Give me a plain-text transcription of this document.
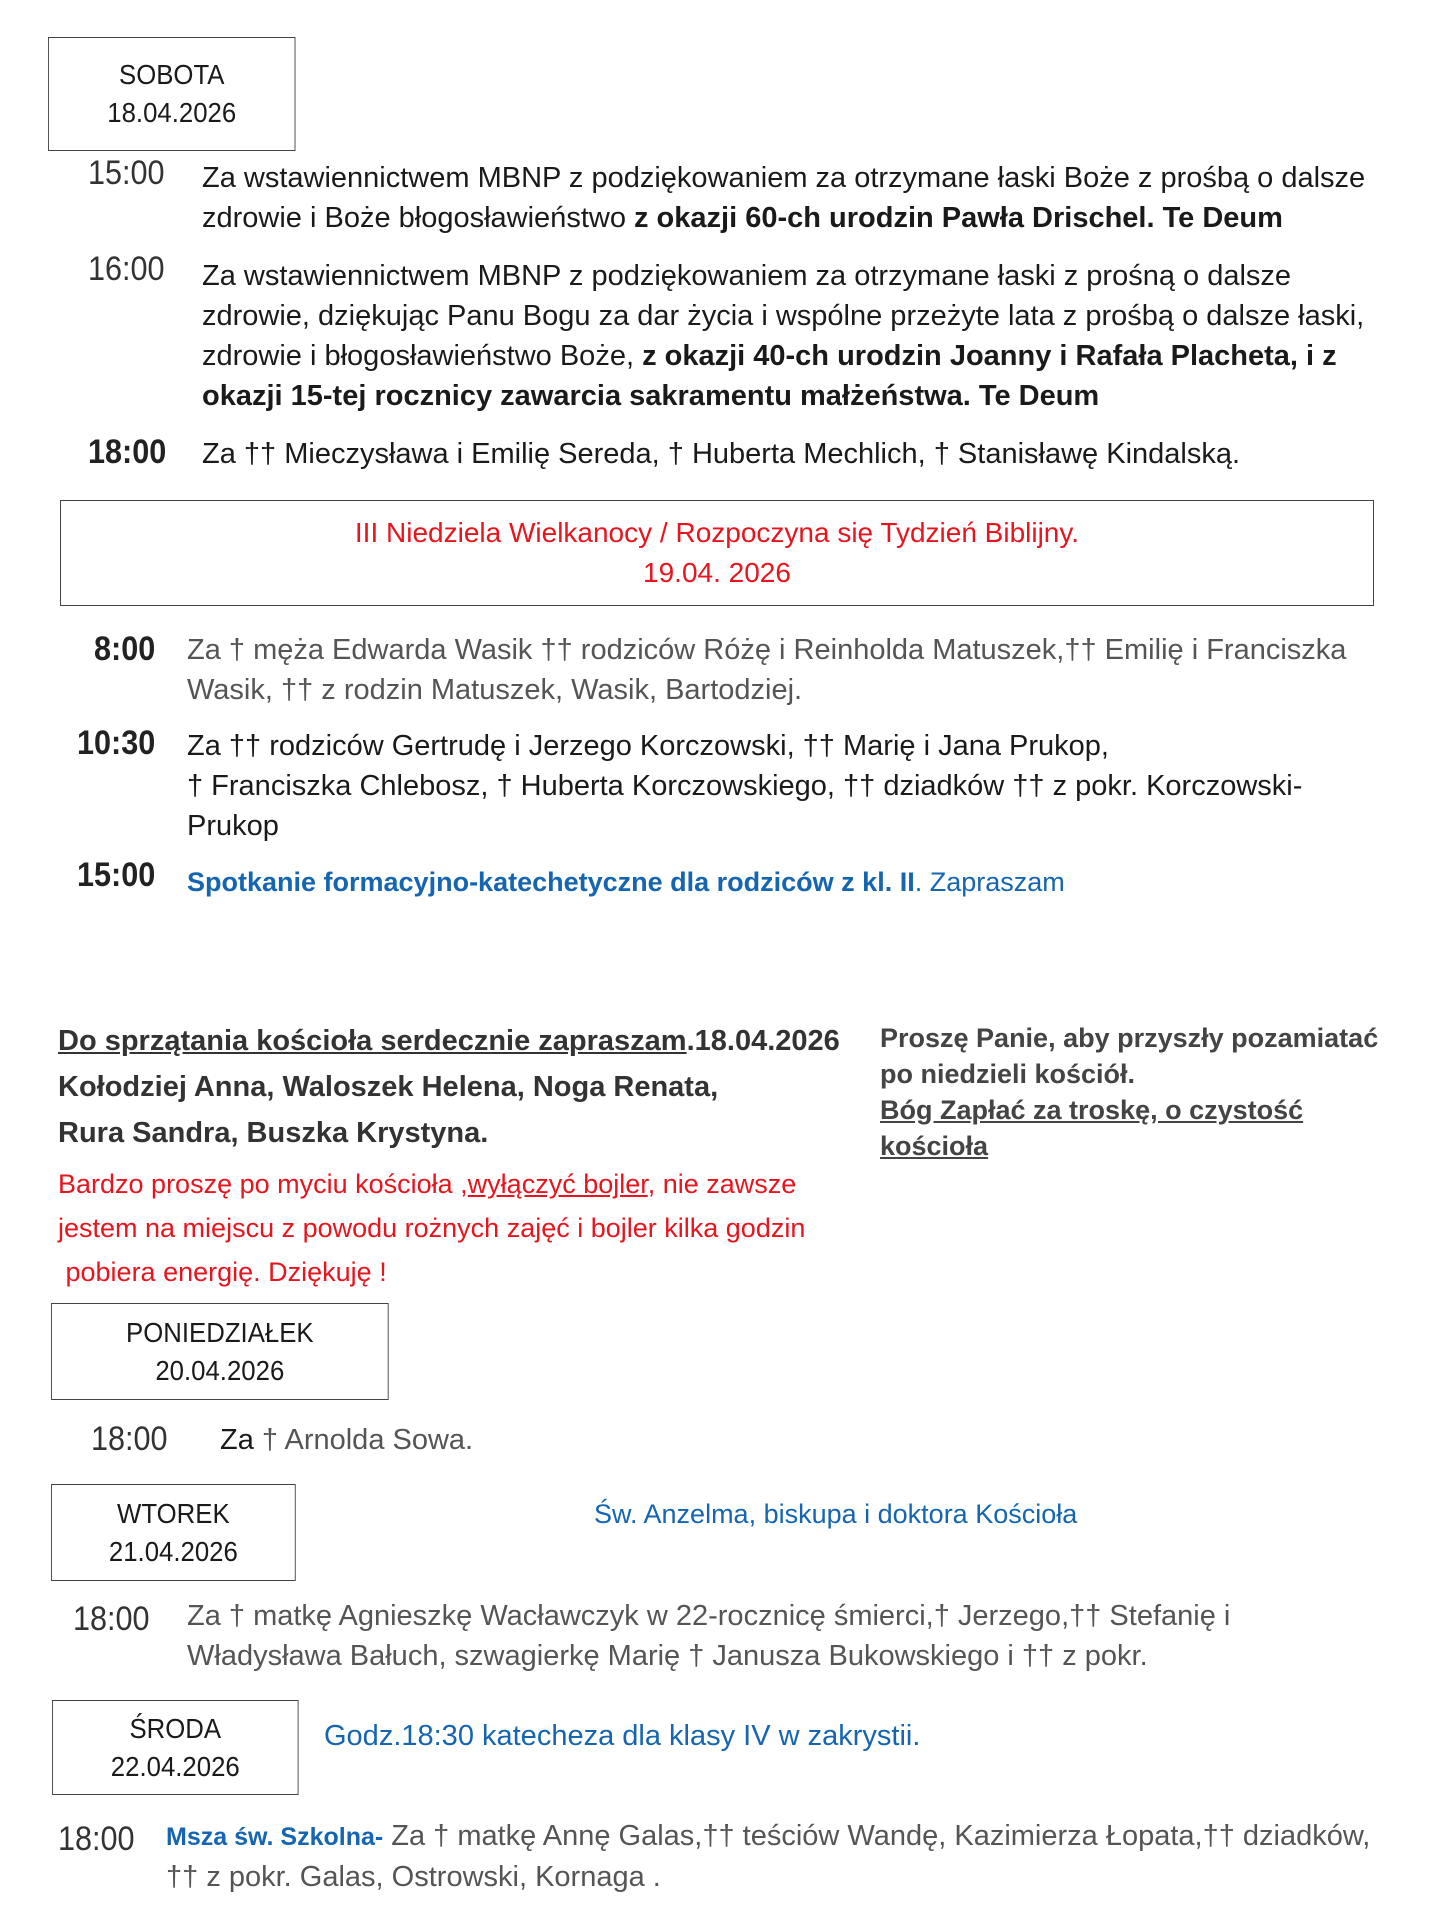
SOBOTA
18.04.2026
15:00 Za wstawiennictwem MBNP z podziękowaniem za otrzymane łaski Boże z prośbą o dalsze zdrowie i Boże błogosławieństwo z okazji 60-ch urodzin Pawła Drischel. Te Deum
16:00 Za wstawiennictwem MBNP z podziękowaniem za otrzymane łaski z prośną o dalsze zdrowie, dziękując Panu Bogu za dar życia i wspólne przeżyte lata z prośbą o dalsze łaski, zdrowie i błogosławieństwo Boże, z okazji 40-ch urodzin Joanny i Rafała Placheta, i z okazji 15-tej rocznicy zawarcia sakramentu małżeństwa. Te Deum
18:00 Za †† Mieczysława i Emilię Sereda, † Huberta Mechlich, † Stanisławę Kindalską.
III Niedziela Wielkanocy / Rozpoczyna się Tydzień Biblijny.
19.04. 2026
8:00 Za † męża Edwarda Wasik †† rodziców Różę i Reinholda Matuszek,†† Emilię i Franciszka Wasik, †† z rodzin Matuszek, Wasik, Bartodziej.
10:30 Za †† rodziców Gertrudę i Jerzego Korczowski, †† Marię i Jana Prukop,
† Franciszka Chlebosz, † Huberta Korczowskiego, †† dziadków †† z pokr. Korczowski-
Prukop
15:00 Spotkanie formacyjno-katechetyczne dla rodziców z kl. II. Zapraszam
Do sprzątania kościoła serdecznie zapraszam.18.04.2026
Kołodziej Anna, Waloszek Helena, Noga Renata,
Rura Sandra, Buszka Krystyna.
Bardzo proszę po myciu kościoła ,wyłączyć bojler, nie zawsze
jestem na miejscu z powodu rożnych zajęć i bojler kilka godzin
pobiera energię. Dziękuję !
Proszę Panie, aby przyszły pozamiatać
po niedzieli kościół.
Bóg Zapłać za troskę, o czystość
kościoła
PONIEDZIAŁEK
20.04.2026
18:00 Za † Arnolda Sowa.
WTOREK
21.04.2026
Św. Anzelma, biskupa i doktora Kościoła
18:00 Za † matkę Agnieszkę Wacławczyk w 22-rocznicę śmierci,† Jerzego,†† Stefanię i
Władysława Bałuch, szwagierkę Marię † Janusza Bukowskiego i †† z pokr.
ŚRODA
22.04.2026
Godz.18:30 katecheza dla klasy IV w zakrystii.
18:00 Msza św. Szkolna- Za † matkę Annę Galas,†† teściów Wandę, Kazimierza Łopata,†† dziadków,
†† z pokr. Galas, Ostrowski, Kornaga .
